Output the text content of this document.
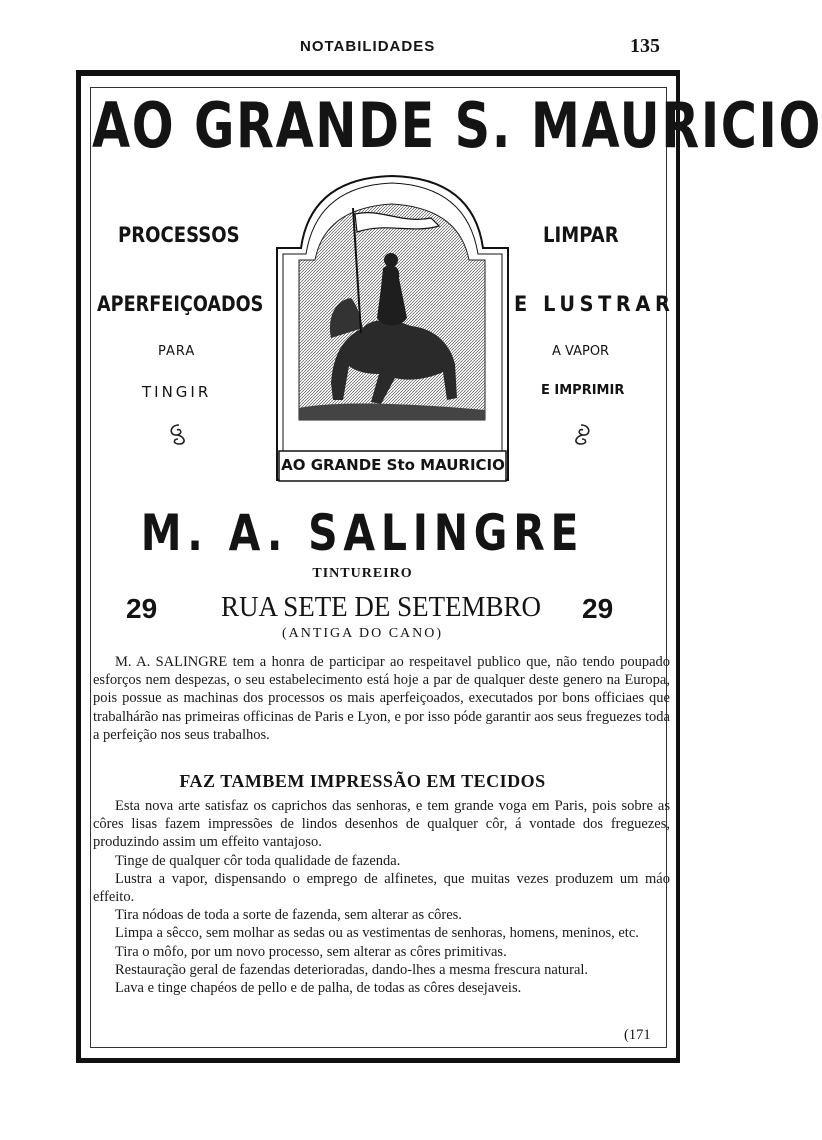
NOTABILIDADES	135
AO GRANDE S. MAURICIO
PROCESSOS
APERFEIÇOADOS
PARA
TINGIR
LIMPAR
E LUSTRAR
A VAPOR
E IMPRIMIR
AO GRANDE Sto MAURICIO
M. A. SALINGRE
TINTUREIRO
29 RUA SETE DE SETEMBRO 29
(ANTIGA DO CANO)

M. A. SALINGRE tem a honra de participar ao respeitavel publico que, não tendo poupado esforços nem despezas, o seu estabelecimento está hoje a par de qualquer deste genero na Europa, pois possue as machinas dos processos os mais aperfeiçoados, executados por bons officiaes que trabalhárão nas primeiras officinas de Paris e Lyon, e por isso póde garantir aos seus freguezes toda a perfeição nos seus trabalhos.

FAZ TAMBEM IMPRESSÃO EM TECIDOS

Esta nova arte satisfaz os caprichos das senhoras, e tem grande voga em Paris, pois sobre as côres lisas fazem impressões de lindos desenhos de qualquer côr, á vontade dos freguezes, produzindo assim um effeito vantajoso.

Tinge de qualquer côr toda qualidade de fazenda.

Lustra a vapor, dispensando o emprego de alfinetes, que muitas vezes produzem um máo effeito.

Tira nódoas de toda a sorte de fazenda, sem alterar as côres.

Limpa a sêcco, sem molhar as sedas ou as vestimentas de senhoras, homens, meninos, etc.

Tira o môfo, por um novo processo, sem alterar as côres primitivas.

Restauração geral de fazendas deterioradas, dando-lhes a mesma frescura natural.

Lava e tinge chapéos de pello e de palha, de todas as côres desejaveis.

(171
